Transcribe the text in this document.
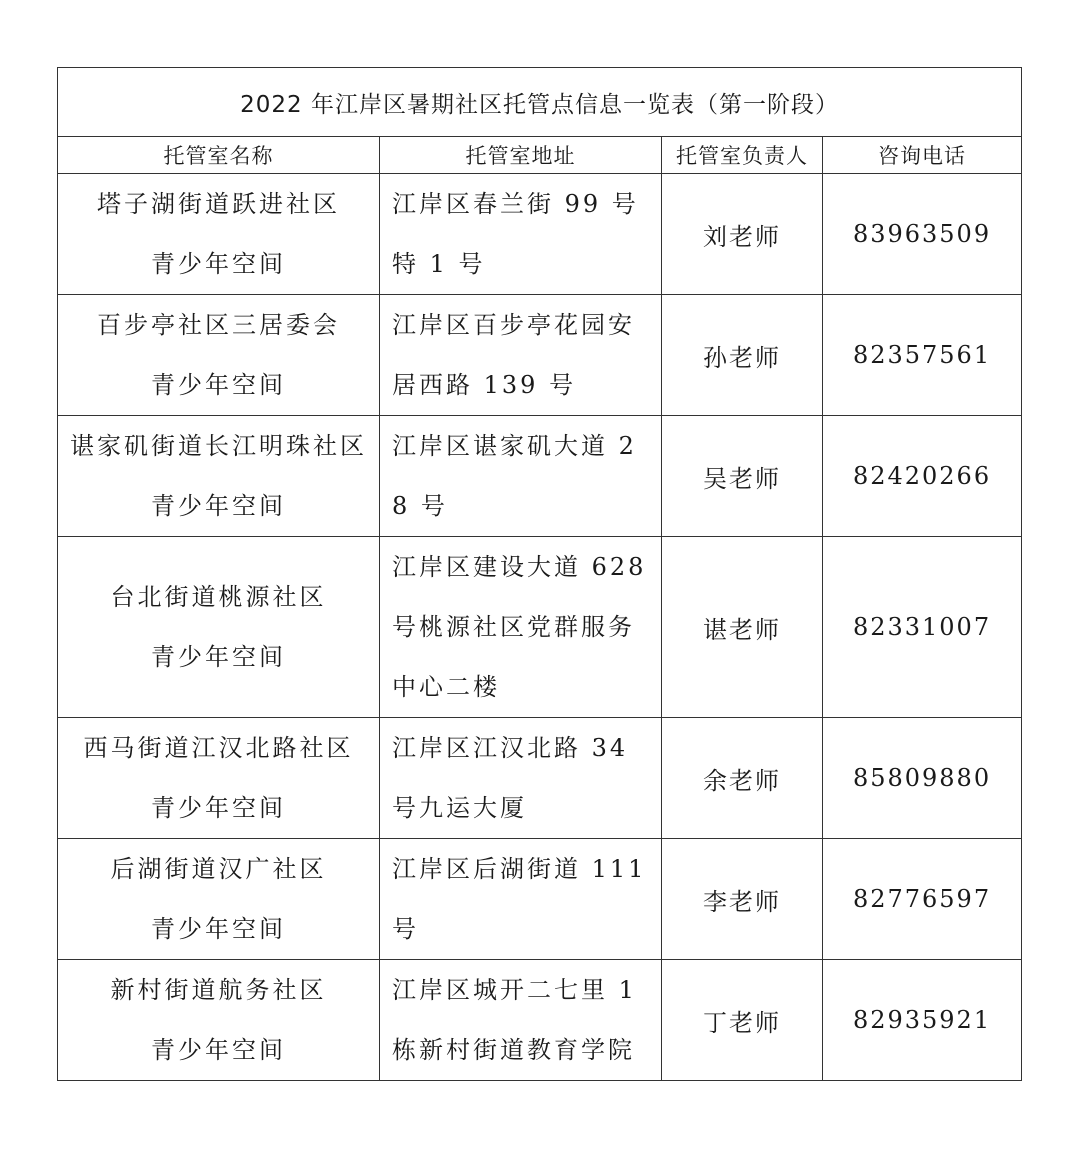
2022 年江岸区暑期社区托管点信息一览表（第一阶段）			
托管室名称	托管室地址	托管室负责人	咨询电话

塔子湖街道跃进社区
青少年空间	江岸区春兰街 99 号特 1 号	刘老师	83963509

百步亭社区三居委会
青少年空间	江岸区百步亭花园安居西路 139 号	孙老师	82357561

谌家矶街道长江明珠社区
青少年空间	江岸区谌家矶大道 28 号	吴老师	82420266

台北街道桃源社区
青少年空间	江岸区建设大道 628 号桃源社区党群服务中心二楼	谌老师	82331007

西马街道江汉北路社区
青少年空间	江岸区江汉北路 34 号九运大厦	余老师	85809880

后湖街道汉广社区
青少年空间	江岸区后湖街道 111 号	李老师	82776597

新村街道航务社区
青少年空间	江岸区城开二七里 1 栋新村街道教育学院	丁老师	82935921
